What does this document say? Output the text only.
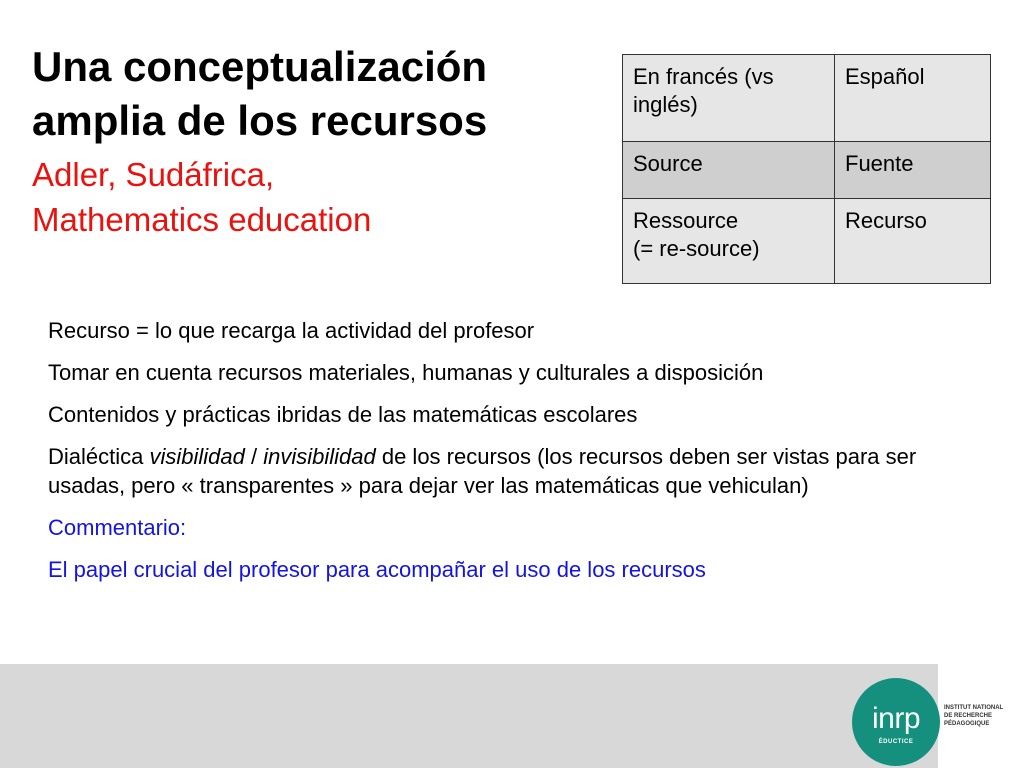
Una conceptualización
amplia de los recursos
Adler, Sudáfrica,
Mathematics education
En francés (vs
inglés)	Español
Source	Fuente
Ressource
(= re-source)	Recurso

Recurso = lo que recarga la actividad del profesor

Tomar en cuenta recursos materiales, humanas y culturales a disposición

Contenidos y prácticas ibridas de las matemáticas escolares

Dialéctica visibilidad / invisibilidad de los recursos (los recursos deben ser vistas para ser usadas, pero « transparentes » para dejar ver las matemáticas que vehiculan)

Commentario:

El papel crucial del profesor para acompañar el uso de los recursos

inrp
ÉDUCTICE
INSTITUT NATIONAL
DE RECHERCHE
PÉDAGOGIQUE
